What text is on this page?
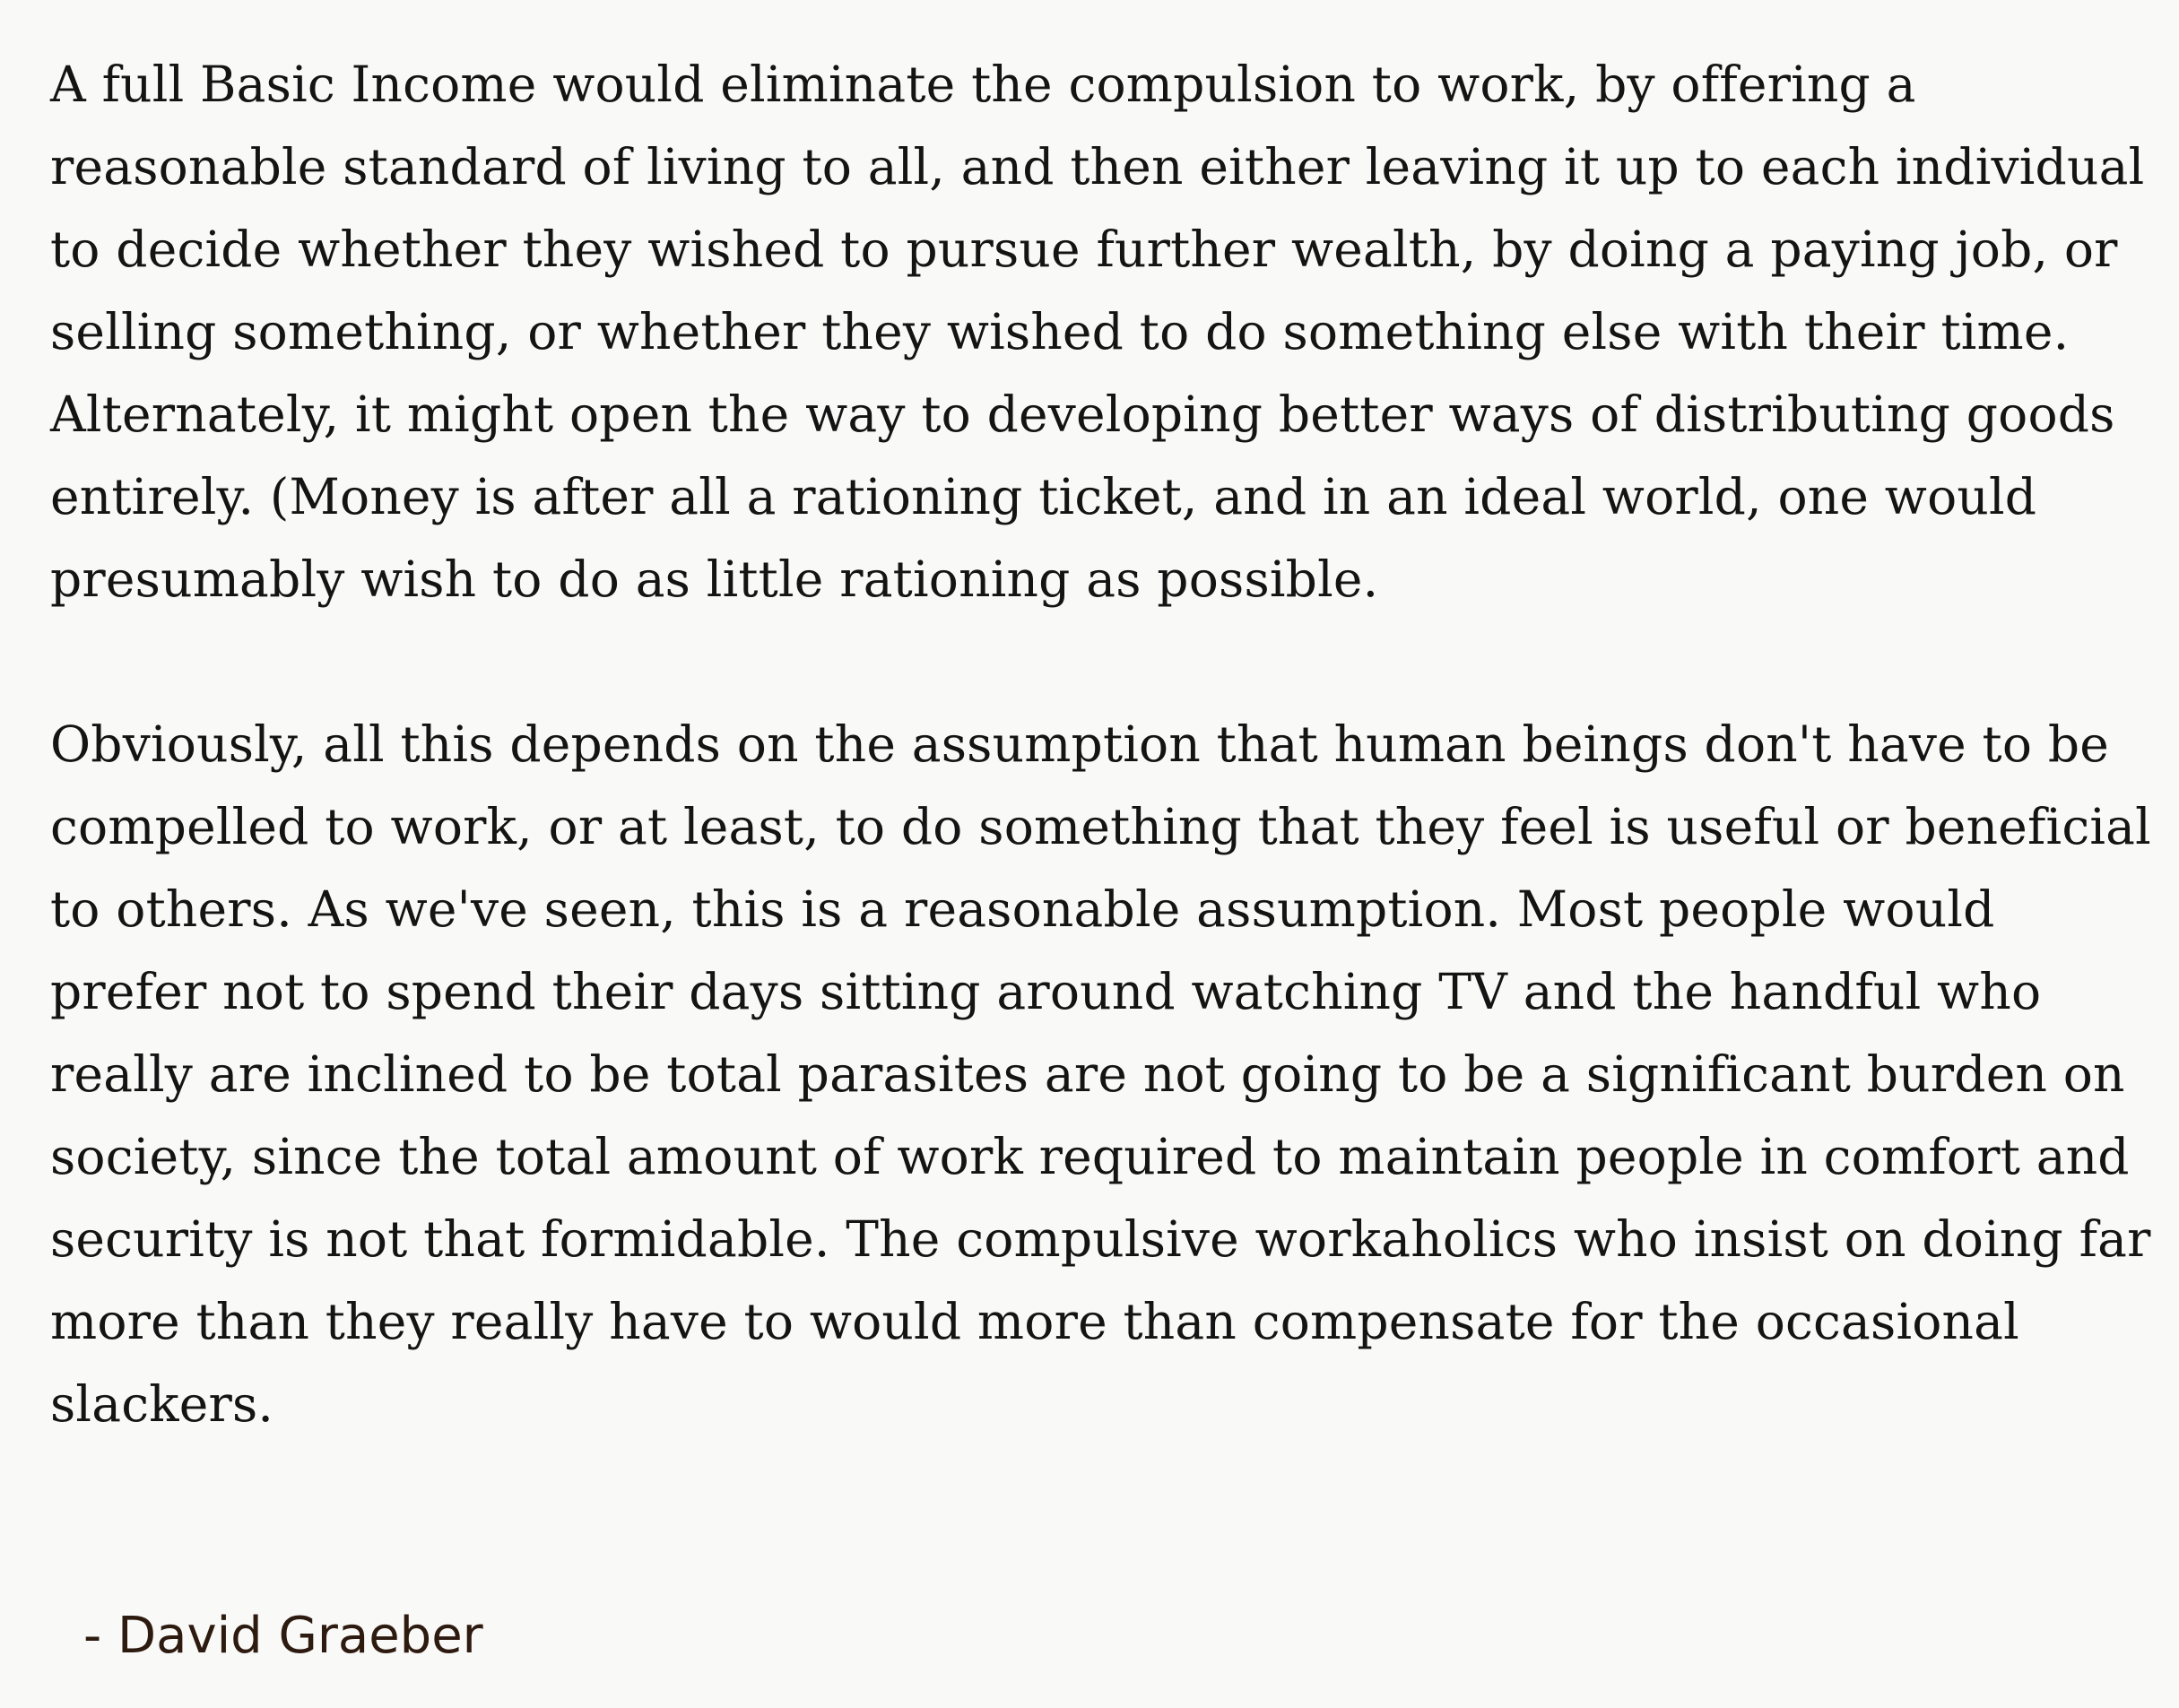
A full Basic Income would eliminate the compulsion to work, by offering a reasonable standard of living to all, and then either leaving it up to each individual to decide whether they wished to pursue further wealth, by doing a paying job, or selling something, or whether they wished to do something else with their time. Alternately, it might open the way to developing better ways of distributing goods entirely. (Money is after all a rationing ticket, and in an ideal world, one would presumably wish to do as little rationing as possible.

Obviously, all this depends on the assumption that human beings don't have to be compelled to work, or at least, to do something that they feel is useful or beneficial to others. As we've seen, this is a reasonable assumption. Most people would prefer not to spend their days sitting around watching TV and the handful who really are inclined to be total parasites are not going to be a significant burden on society, since the total amount of work required to maintain people in comfort and security is not that formidable. The compulsive workaholics who insist on doing far more than they really have to would more than compensate for the occasional slackers.

- David Graeber
